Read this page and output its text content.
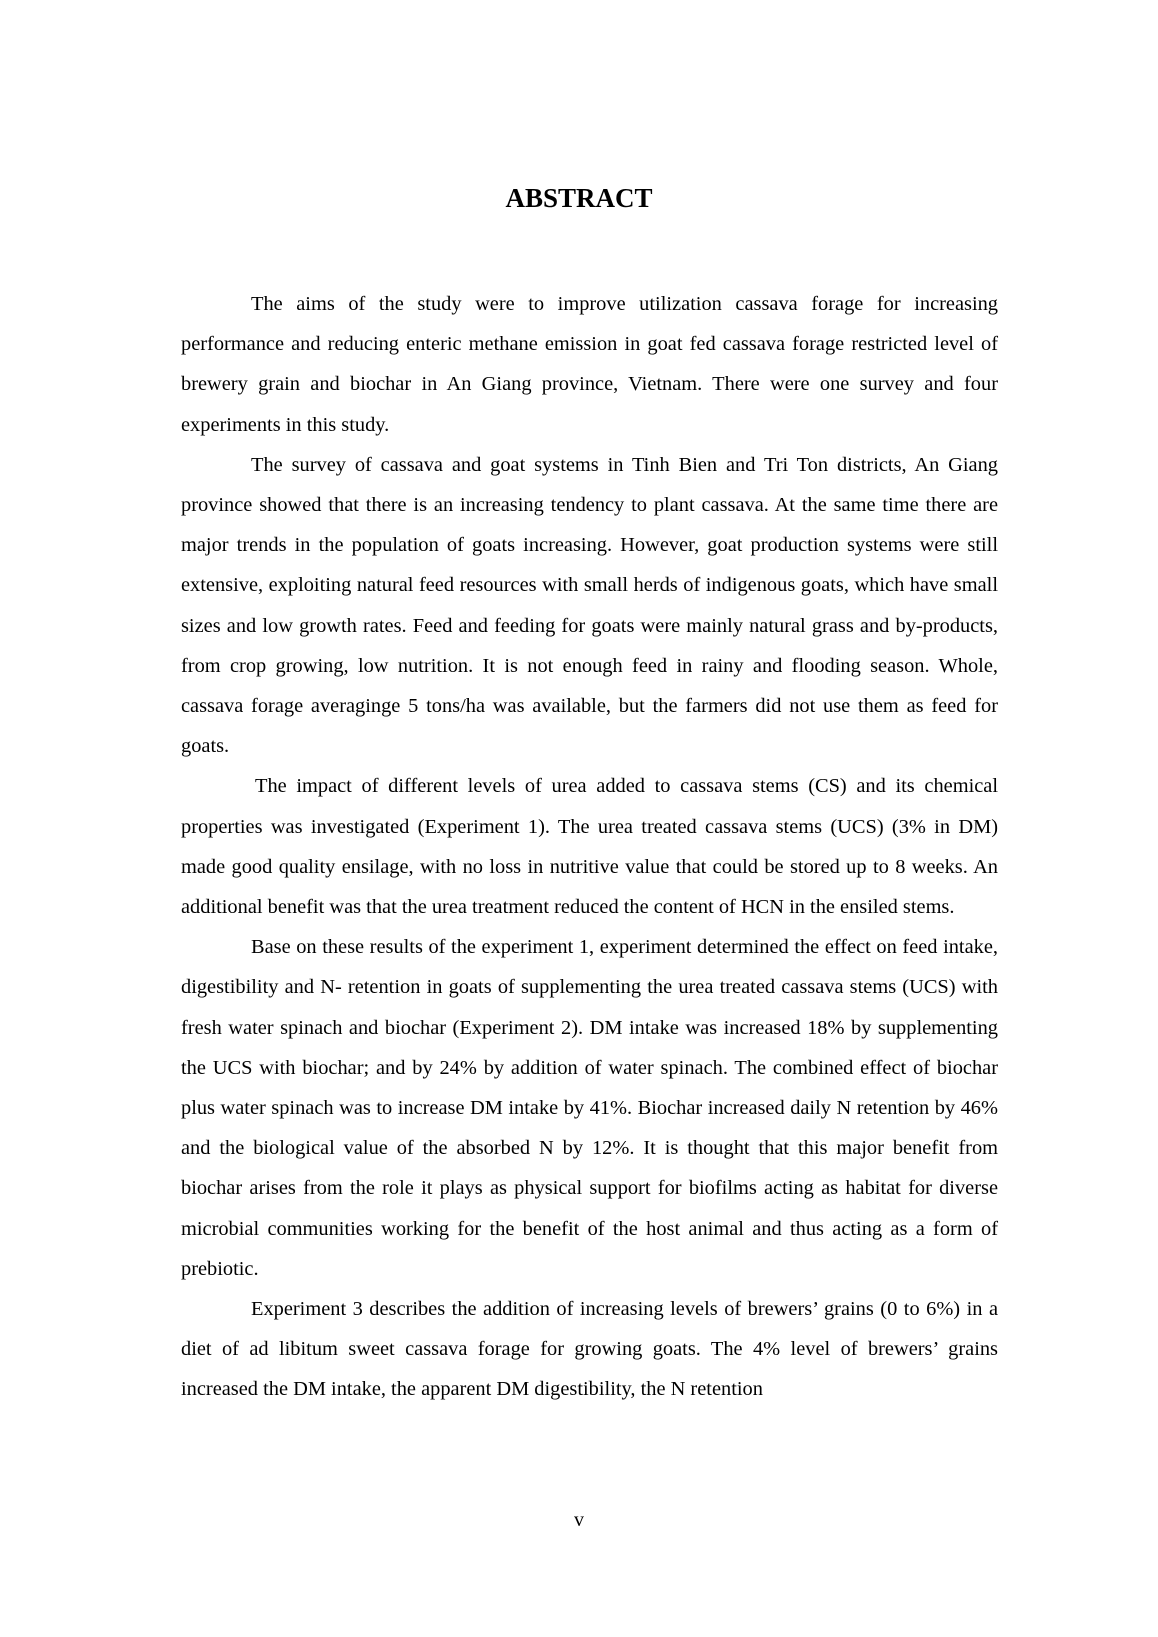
ABSTRACT

The aims of the study were to improve utilization cassava forage for increasing performance and reducing enteric methane emission in goat fed cassava forage restricted level of brewery grain and biochar in An Giang province, Vietnam. There were one survey and four experiments in this study.

The survey of cassava and goat systems in Tinh Bien and Tri Ton districts, An Giang province showed that there is an increasing tendency to plant cassava. At the same time there are major trends in the population of goats increasing. However, goat production systems were still extensive, exploiting natural feed resources with small herds of indigenous goats, which have small sizes and low growth rates. Feed and feeding for goats were mainly natural grass and by-products, from crop growing, low nutrition. It is not enough feed in rainy and flooding season. Whole, cassava forage averaginge 5 tons/ha was available, but the farmers did not use them as feed for goats.

The impact of different levels of urea added to cassava stems (CS) and its chemical properties was investigated (Experiment 1). The urea treated cassava stems (UCS) (3% in DM) made good quality ensilage, with no loss in nutritive value that could be stored up to 8 weeks. An additional benefit was that the urea treatment reduced the content of HCN in the ensiled stems.

Base on these results of the experiment 1, experiment determined the effect on feed intake, digestibility and N- retention in goats of supplementing the urea treated cassava stems (UCS) with fresh water spinach and biochar (Experiment 2). DM intake was increased 18% by supplementing the UCS with biochar; and by 24% by addition of water spinach. The combined effect of biochar plus water spinach was to increase DM intake by 41%. Biochar increased daily N retention by 46% and the biological value of the absorbed N by 12%. It is thought that this major benefit from biochar arises from the role it plays as physical support for biofilms acting as habitat for diverse microbial communities working for the benefit of the host animal and thus acting as a form of prebiotic.

Experiment 3 describes the addition of increasing levels of brewers’ grains (0 to 6%) in a diet of ad libitum sweet cassava forage for growing goats. The 4% level of brewers’ grains increased the DM intake, the apparent DM digestibility, the N retention

v
